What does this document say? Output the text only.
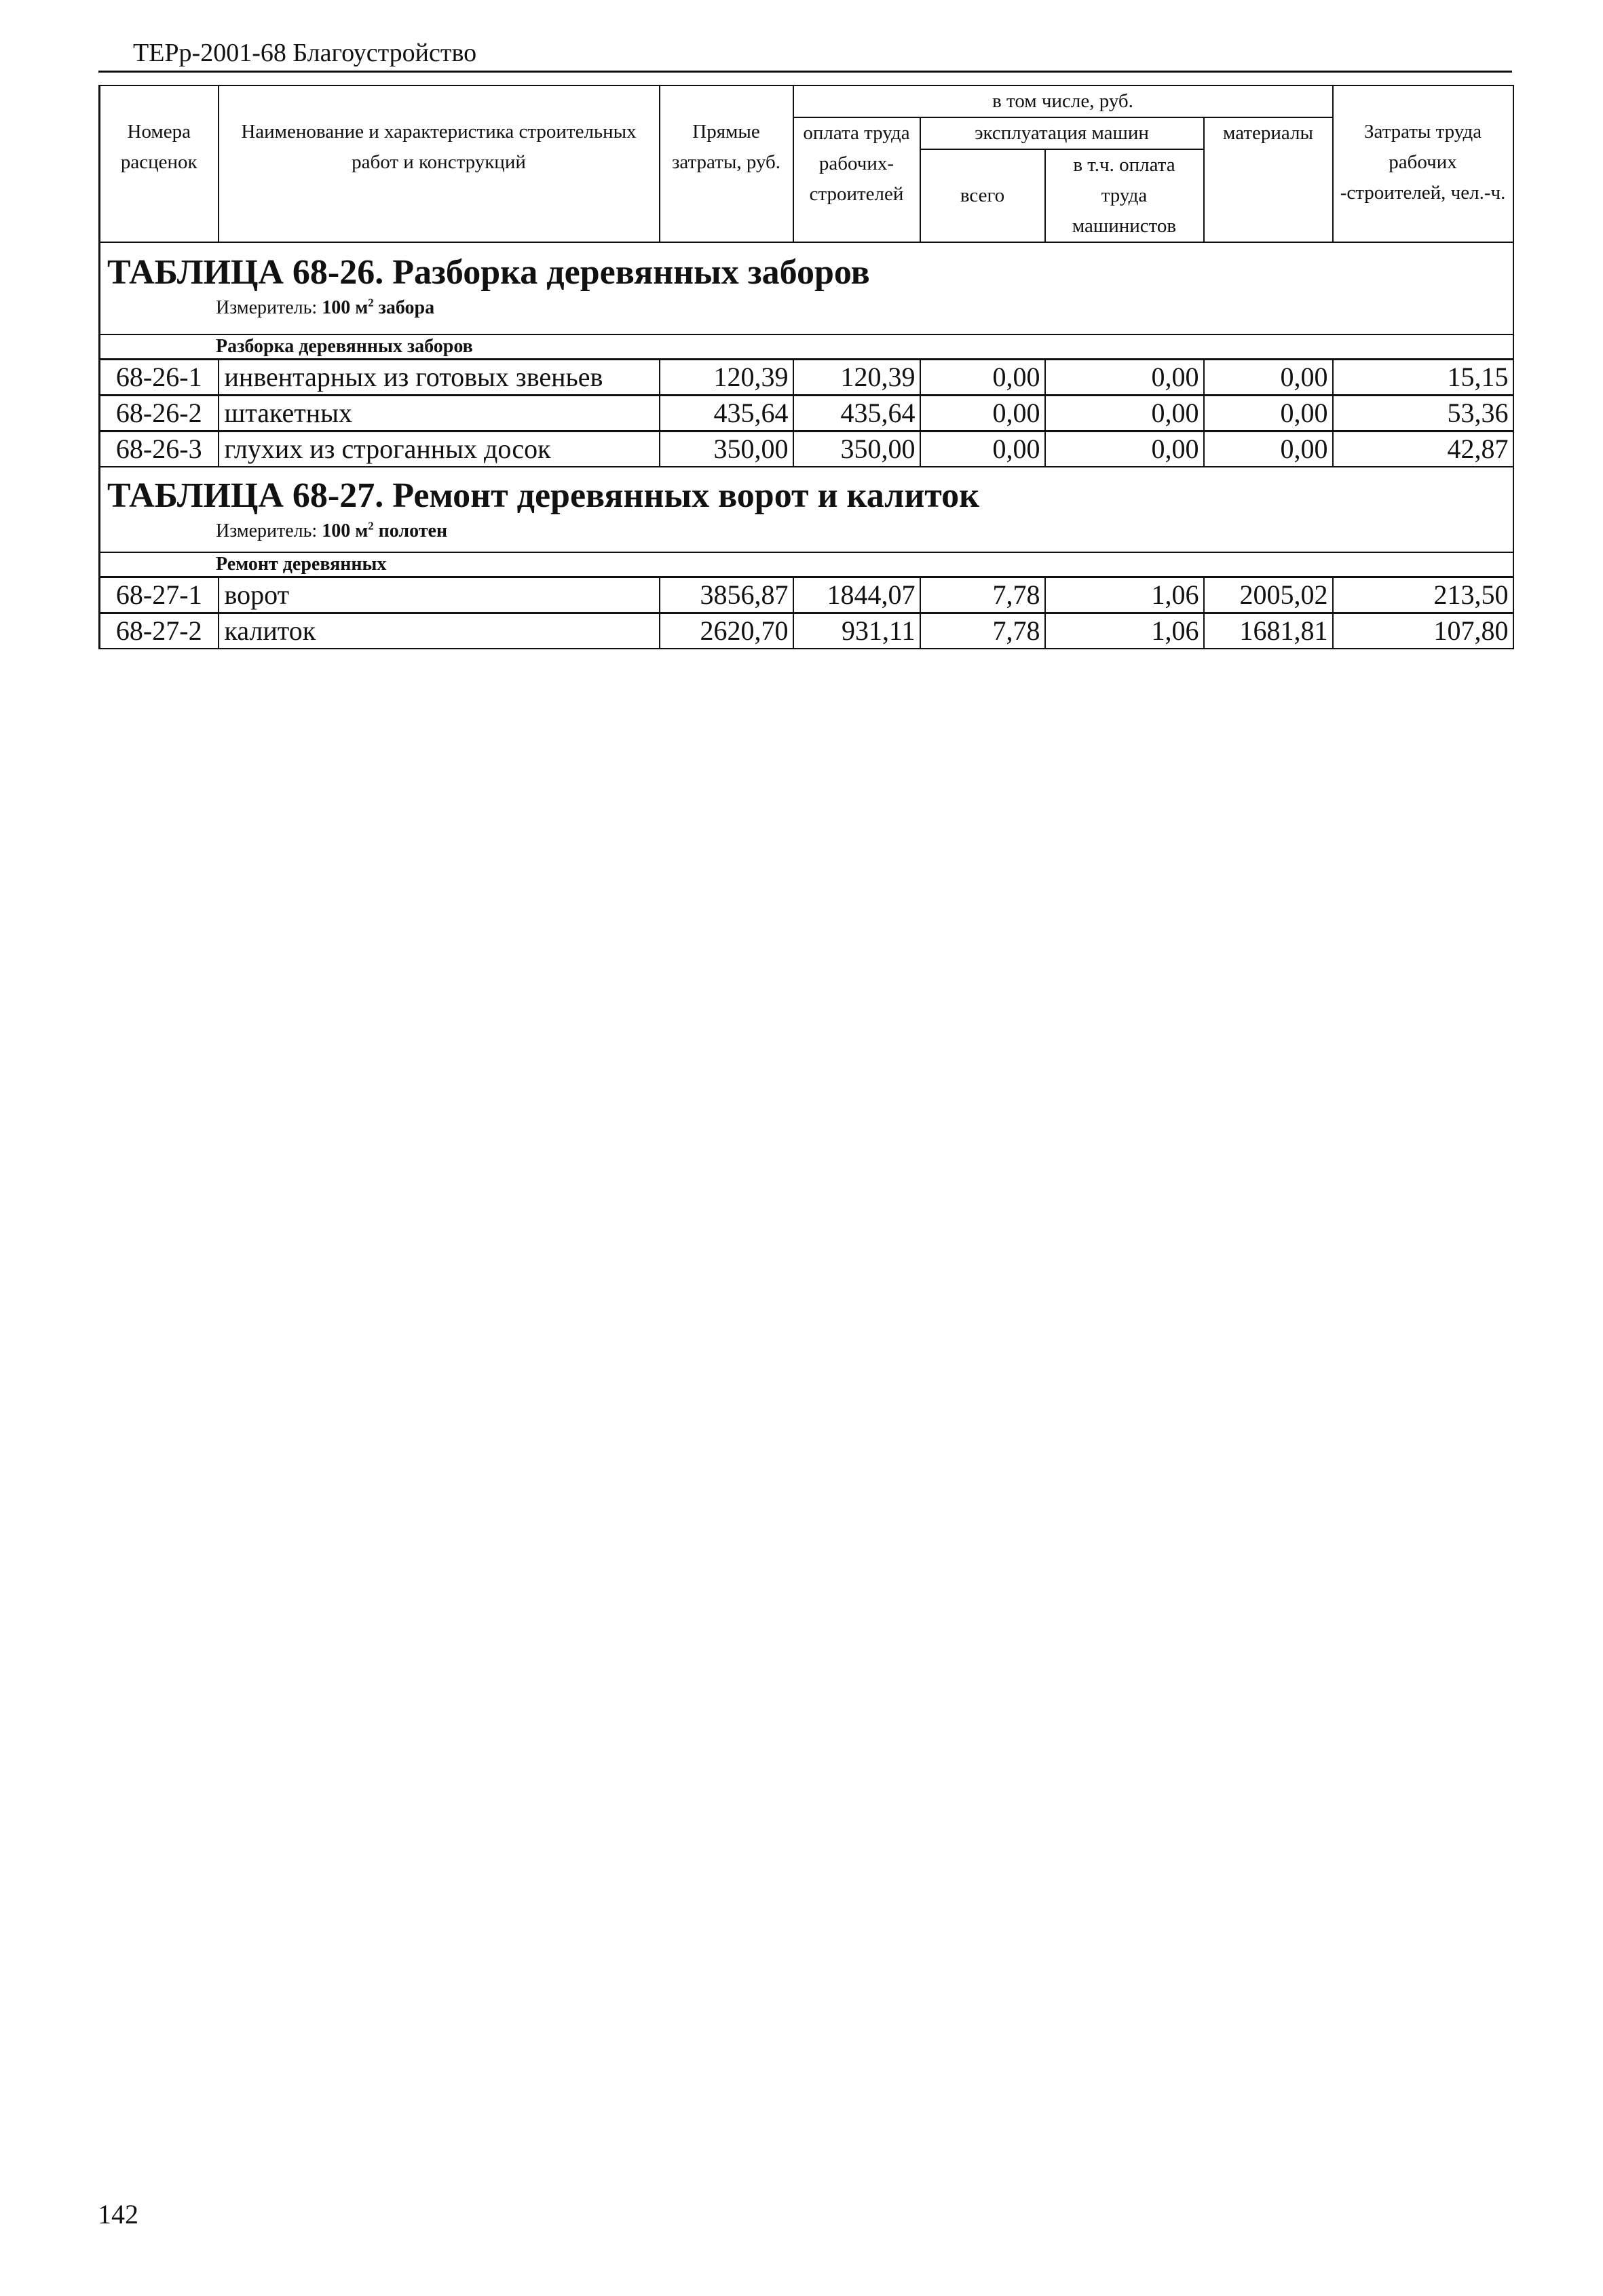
ТЕРр-2001-68 Благоустройство
Номера расценок	Наименование и характеристика строительных работ и конструкций	Прямые затраты, руб.	в том числе, руб.				Затраты труда рабочих -строителей, чел.-ч.

			оплата труда рабочих-строителей	эксплуатация машин		материалы	

				всего	в т.ч. оплата труда машинистов		

ТАБЛИЦА 68-26. Разборка деревянных заборов
Измеритель: 100 $м^2$ забора							

Разборка деревянных заборов							
68-26-1	инвентарных из готовых звеньев	120,39	120,39	0,00	0,00	0,00	15,15
68-26-2	штакетных	435,64	435,64	0,00	0,00	0,00	53,36
68-26-3	глухих из строганных досок	350,00	350,00	0,00	0,00	0,00	42,87

ТАБЛИЦА 68-27. Ремонт деревянных ворот и калиток
Измеритель: 100 $м^2$ полотен							

Ремонт деревянных							
68-27-1	ворот	3856,87	1844,07	7,78	1,06	2005,02	213,50
68-27-2	калиток	2620,70	931,11	7,78	1,06	1681,81	107,80
142
